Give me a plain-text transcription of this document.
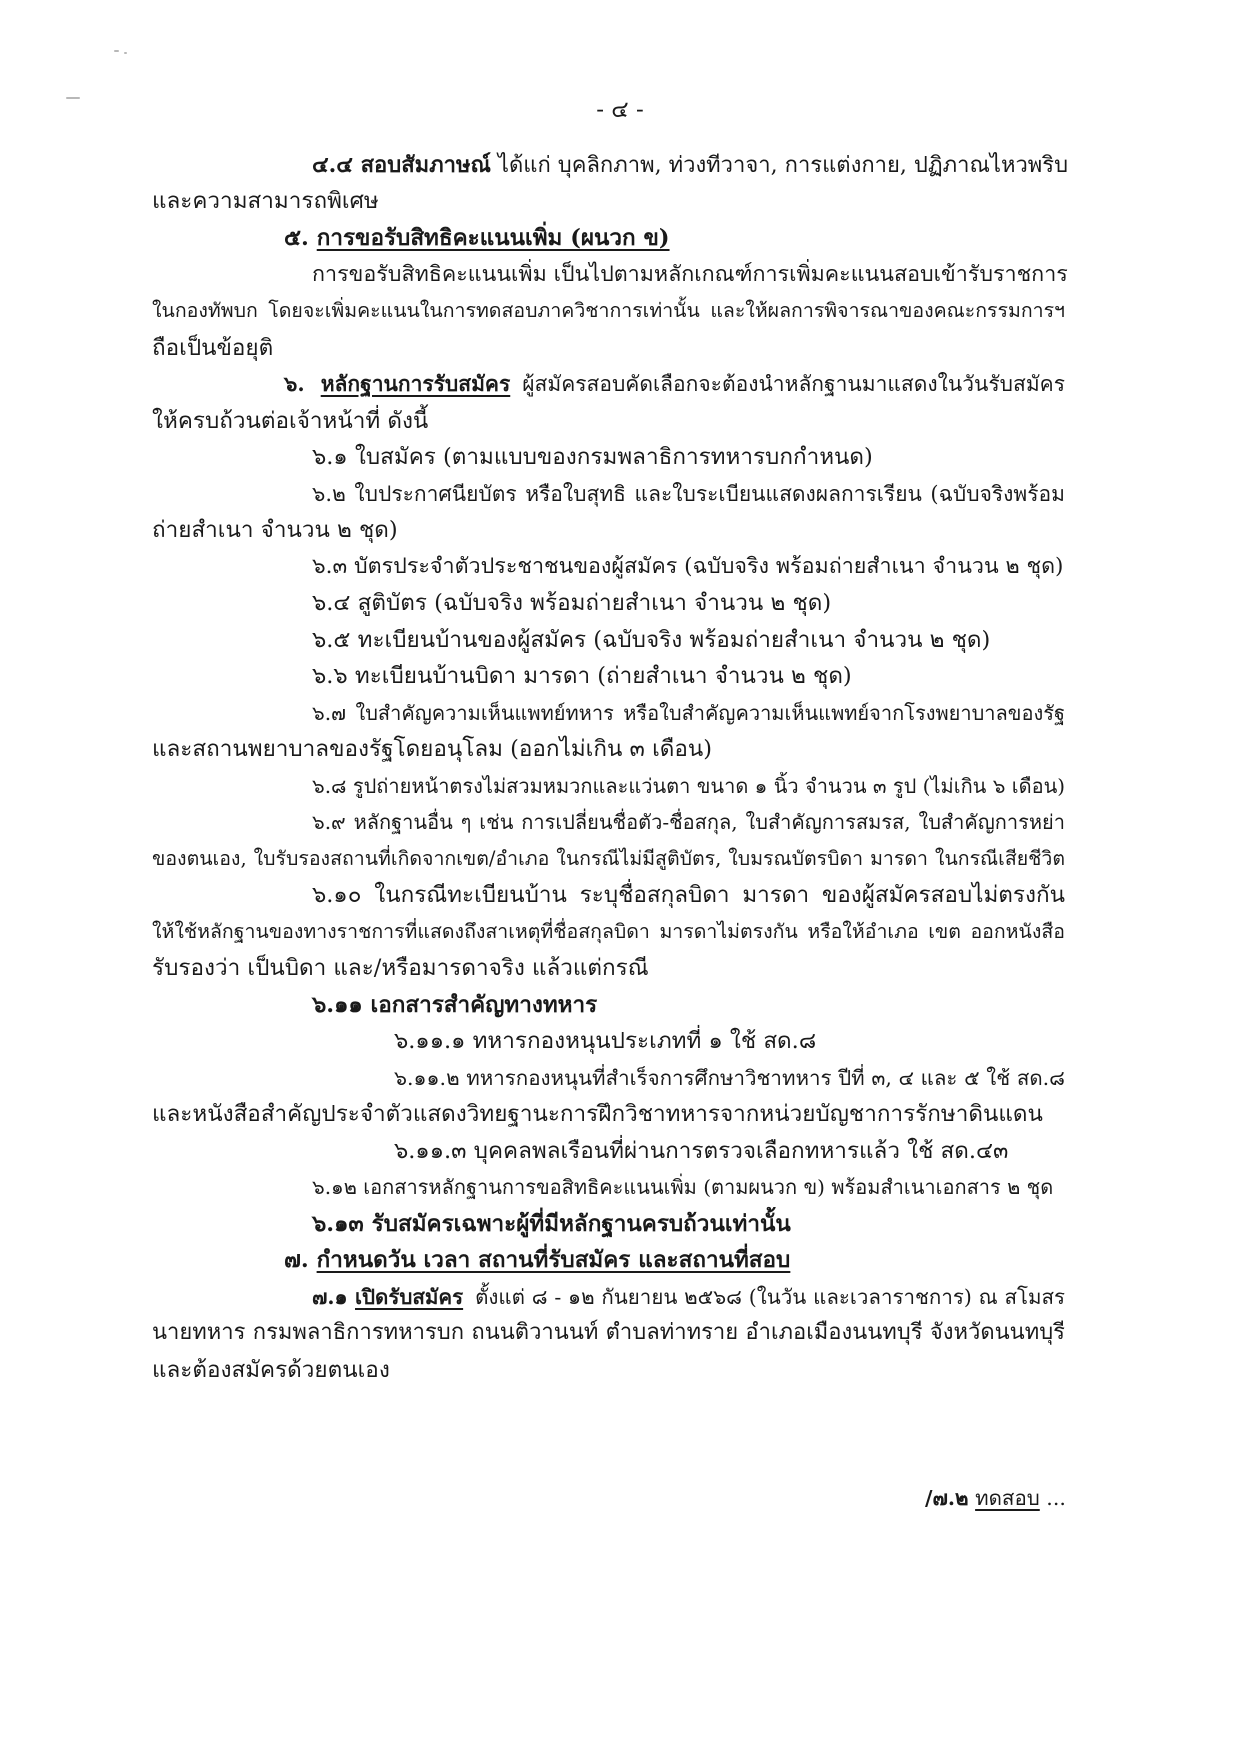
- ๔ -
๔.๔ สอบสัมภาษณ์ ได้แก่ บุคลิกภาพ, ท่วงทีวาจา, การแต่งกาย, ปฏิภาณไหวพริบ
และความสามารถพิเศษ
๕. การขอรับสิทธิคะแนนเพิ่ม (ผนวก ข)
การขอรับสิทธิคะแนนเพิ่ม เป็นไปตามหลักเกณฑ์การเพิ่มคะแนนสอบเข้ารับราชการ
ในกองทัพบก โดยจะเพิ่มคะแนนในการทดสอบภาควิชาการเท่านั้น และให้ผลการพิจารณาของคณะกรรมการฯ
ถือเป็นข้อยุติ
๖. หลักฐานการรับสมัคร ผู้สมัครสอบคัดเลือกจะต้องนำหลักฐานมาแสดงในวันรับสมัคร
ให้ครบถ้วนต่อเจ้าหน้าที่ ดังนี้
๖.๑ ใบสมัคร (ตามแบบของกรมพลาธิการทหารบกกำหนด)
๖.๒ ใบประกาศนียบัตร หรือใบสุทธิ และใบระเบียนแสดงผลการเรียน (ฉบับจริงพร้อม
ถ่ายสำเนา จำนวน ๒ ชุด)
๖.๓ บัตรประจำตัวประชาชนของผู้สมัคร (ฉบับจริง พร้อมถ่ายสำเนา จำนวน ๒ ชุด)
๖.๔ สูติบัตร (ฉบับจริง พร้อมถ่ายสำเนา จำนวน ๒ ชุด)
๖.๕ ทะเบียนบ้านของผู้สมัคร (ฉบับจริง พร้อมถ่ายสำเนา จำนวน ๒ ชุด)
๖.๖ ทะเบียนบ้านบิดา มารดา (ถ่ายสำเนา จำนวน ๒ ชุด)
๖.๗ ใบสำคัญความเห็นแพทย์ทหาร หรือใบสำคัญความเห็นแพทย์จากโรงพยาบาลของรัฐ
และสถานพยาบาลของรัฐโดยอนุโลม (ออกไม่เกิน ๓ เดือน)
๖.๘ รูปถ่ายหน้าตรงไม่สวมหมวกและแว่นตา ขนาด ๑ นิ้ว จำนวน ๓ รูป (ไม่เกิน ๖ เดือน)
๖.๙ หลักฐานอื่น ๆ เช่น การเปลี่ยนชื่อตัว-ชื่อสกุล, ใบสำคัญการสมรส, ใบสำคัญการหย่า
ของตนเอง, ใบรับรองสถานที่เกิดจากเขต/อำเภอ ในกรณีไม่มีสูติบัตร, ใบมรณบัตรบิดา มารดา ในกรณีเสียชีวิต
๖.๑๐ ในกรณีทะเบียนบ้าน ระบุชื่อสกุลบิดา มารดา ของผู้สมัครสอบไม่ตรงกัน
ให้ใช้หลักฐานของทางราชการที่แสดงถึงสาเหตุที่ชื่อสกุลบิดา มารดาไม่ตรงกัน หรือให้อำเภอ เขต ออกหนังสือ
รับรองว่า เป็นบิดา และ/หรือมารดาจริง แล้วแต่กรณี
๖.๑๑ เอกสารสำคัญทางทหาร
๖.๑๑.๑ ทหารกองหนุนประเภทที่ ๑ ใช้ สด.๘
๖.๑๑.๒ ทหารกองหนุนที่สำเร็จการศึกษาวิชาทหาร ปีที่ ๓, ๔ และ ๕ ใช้ สด.๘
และหนังสือสำคัญประจำตัวแสดงวิทยฐานะการฝึกวิชาทหารจากหน่วยบัญชาการรักษาดินแดน
๖.๑๑.๓ บุคคลพลเรือนที่ผ่านการตรวจเลือกทหารแล้ว ใช้ สด.๔๓
๖.๑๒ เอกสารหลักฐานการขอสิทธิคะแนนเพิ่ม (ตามผนวก ข) พร้อมสำเนาเอกสาร ๒ ชุด
๖.๑๓ รับสมัครเฉพาะผู้ที่มีหลักฐานครบถ้วนเท่านั้น
๗. กำหนดวัน เวลา สถานที่รับสมัคร และสถานที่สอบ
๗.๑ เปิดรับสมัคร ตั้งแต่ ๘ - ๑๒ กันยายน ๒๕๖๘ (ในวัน และเวลาราชการ) ณ สโมสร
นายทหาร กรมพลาธิการทหารบก ถนนติวานนท์ ตำบลท่าทราย อำเภอเมืองนนทบุรี จังหวัดนนทบุรี
และต้องสมัครด้วยตนเอง
/๗.๒ ทดสอบ ...
